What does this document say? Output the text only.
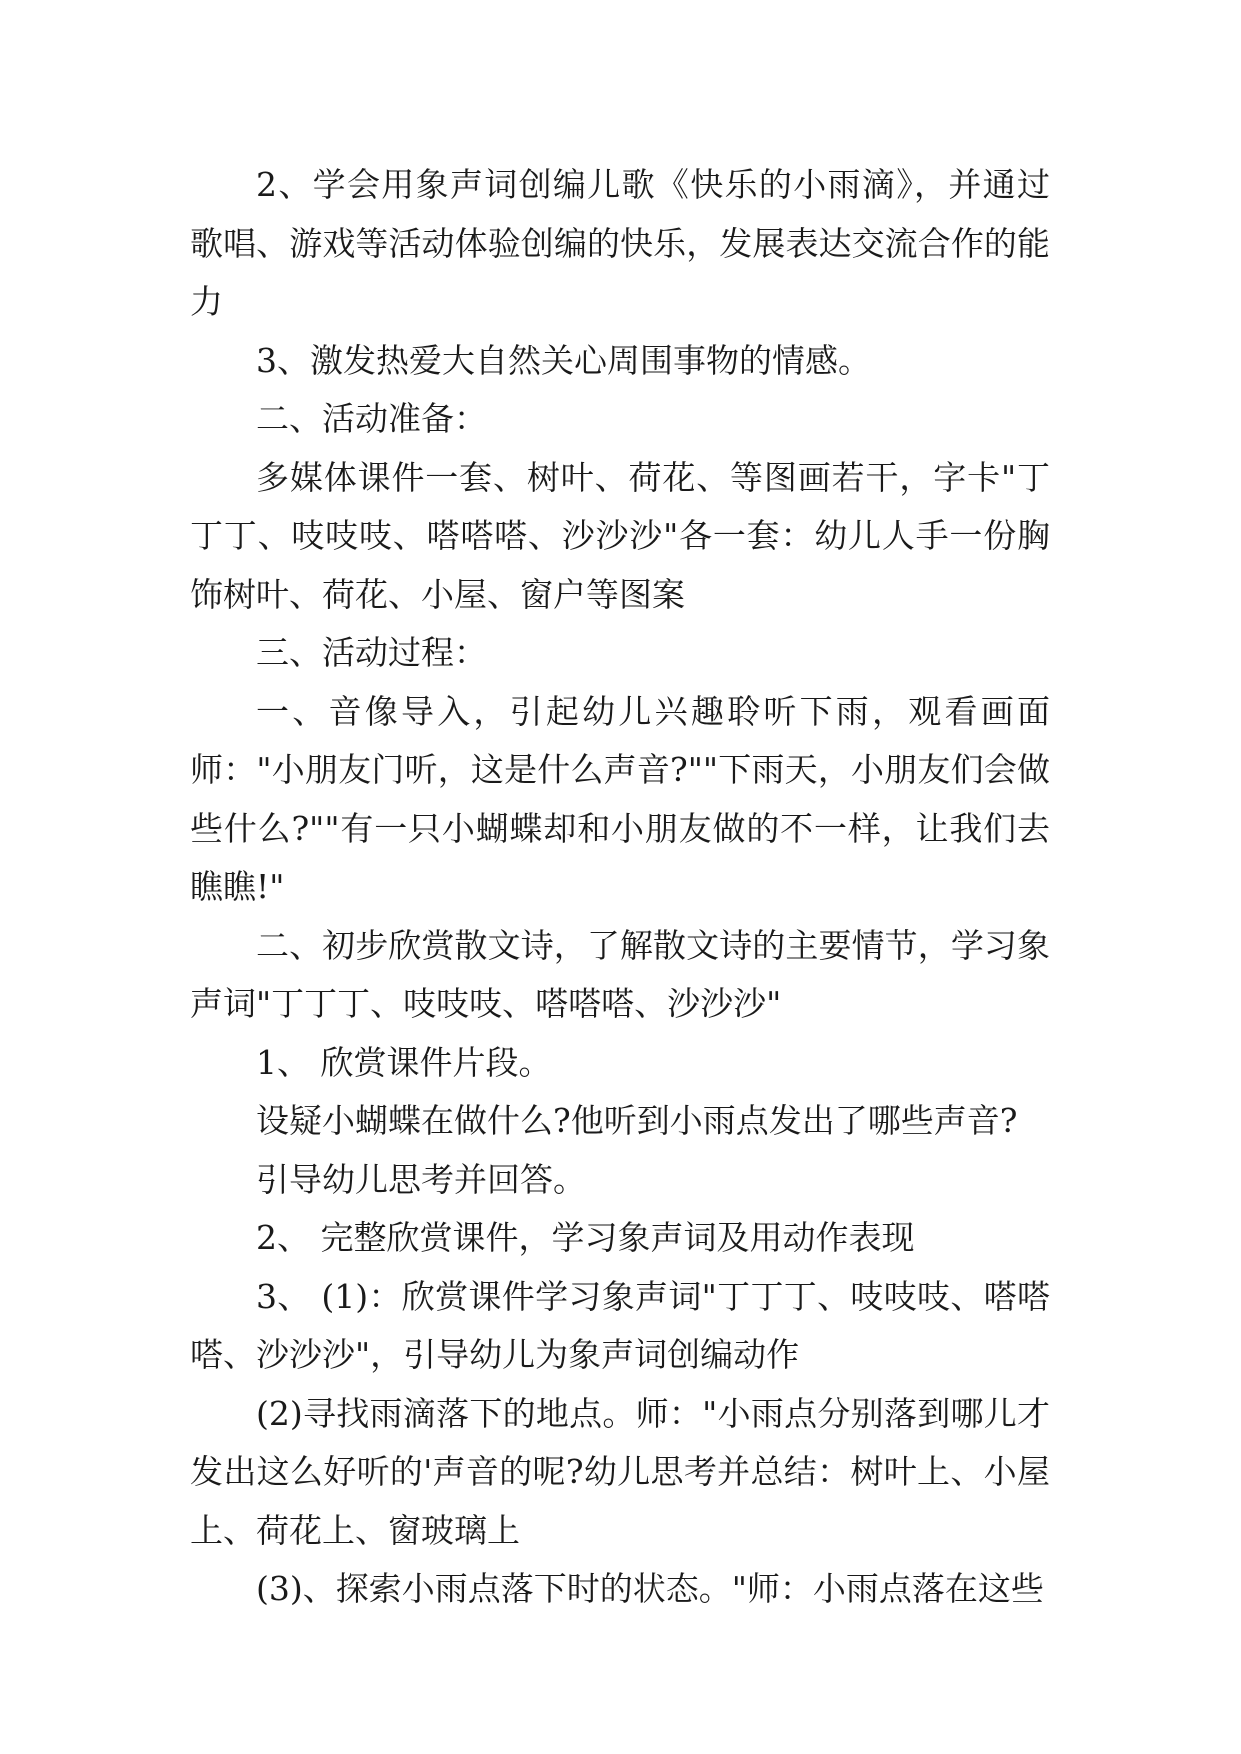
2、学会用象声词创编儿歌《快乐的小雨滴》，并通过歌唱、游戏等活动体验创编的快乐，发展表达交流合作的能力

3、激发热爱大自然关心周围事物的情感。

二、活动准备：

多媒体课件一套、树叶、荷花、等图画若干，字卡"丁丁丁、吱吱吱、嗒嗒嗒、沙沙沙"各一套：幼儿人手一份胸饰树叶、荷花、小屋、窗户等图案

三、活动过程：

一、音像导入，引起幼儿兴趣聆听下雨，观看画面师："小朋友门听，这是什么声音?""下雨天，小朋友们会做些什么?""有一只小蝴蝶却和小朋友做的不一样，让我们去瞧瞧!"

二、初步欣赏散文诗，了解散文诗的主要情节，学习象声词"丁丁丁、吱吱吱、嗒嗒嗒、沙沙沙"

1、 欣赏课件片段。

设疑小蝴蝶在做什么?他听到小雨点发出了哪些声音?

引导幼儿思考并回答。

2、 完整欣赏课件，学习象声词及用动作表现

3、 (1)：欣赏课件学习象声词"丁丁丁、吱吱吱、嗒嗒嗒、沙沙沙"，引导幼儿为象声词创编动作

(2)寻找雨滴落下的地点。师："小雨点分别落到哪儿才发出这么好听的'声音的呢?幼儿思考并总结：树叶上、小屋上、荷花上、窗玻璃上

(3)、探索小雨点落下时的状态。"师：小雨点落在这些
